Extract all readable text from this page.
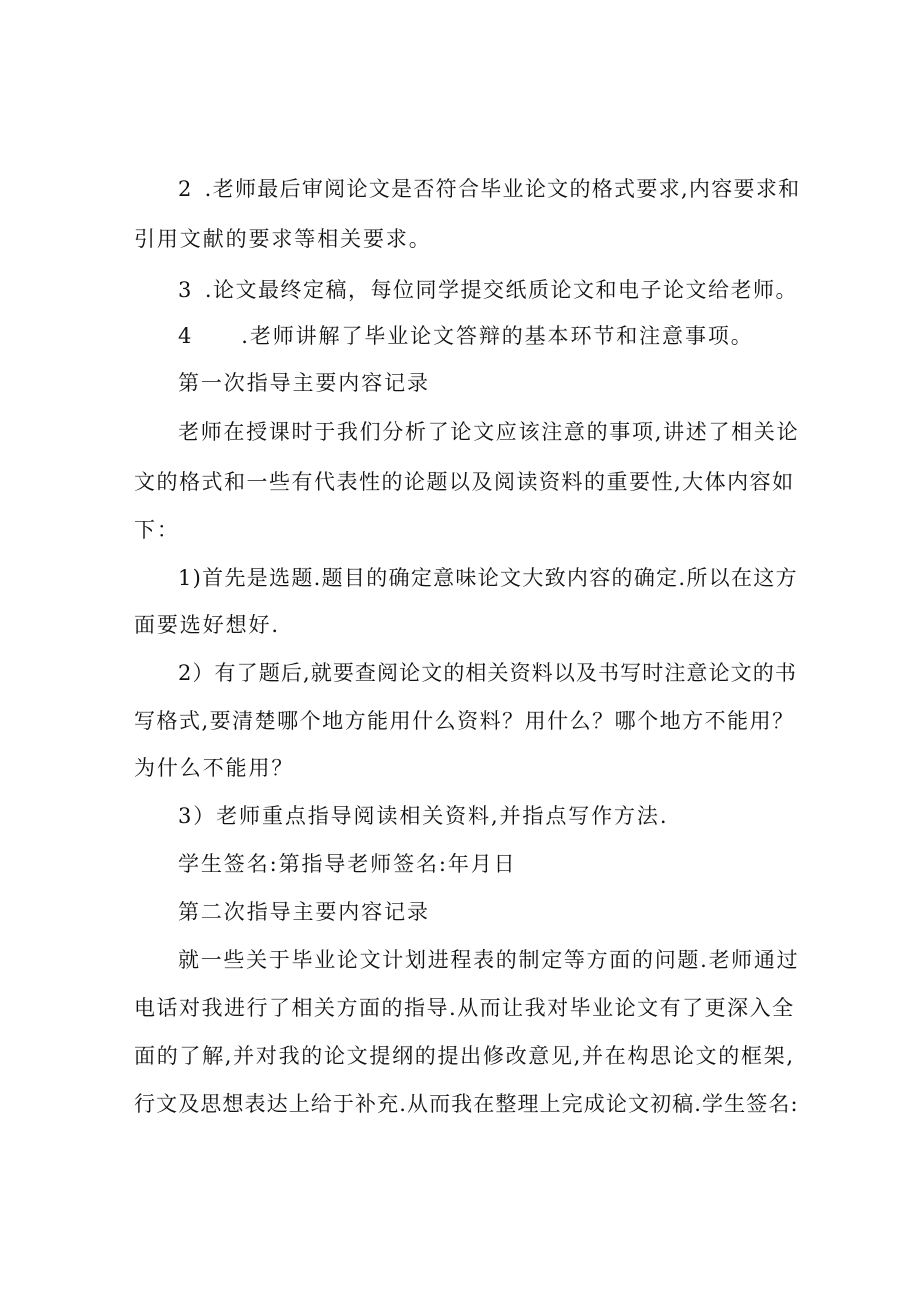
2 .老师最后审阅论文是否符合毕业论文的格式要求,内容要求和
引用文献的要求等相关要求。
3 .论文最终定稿，每位同学提交纸质论文和电子论文给老师。
4 .老师讲解了毕业论文答辩的基本环节和注意事项。
第一次指导主要内容记录
老师在授课时于我们分析了论文应该注意的事项,讲述了相关论
文的格式和一些有代表性的论题以及阅读资料的重要性,大体内容如
下：
1)首先是选题.题目的确定意味论文大致内容的确定.所以在这方
面要选好想好.
2）有了题后,就要查阅论文的相关资料以及书写时注意论文的书
写格式,要清楚哪个地方能用什么资料？用什么？哪个地方不能用？
为什么不能用？
3）老师重点指导阅读相关资料,并指点写作方法.
学生签名:第指导老师签名:年月日
第二次指导主要内容记录
就一些关于毕业论文计划进程表的制定等方面的问题.老师通过
电话对我进行了相关方面的指导.从而让我对毕业论文有了更深入全
面的了解,并对我的论文提纲的提出修改意见,并在构思论文的框架,
行文及思想表达上给于补充.从而我在整理上完成论文初稿.学生签名:
